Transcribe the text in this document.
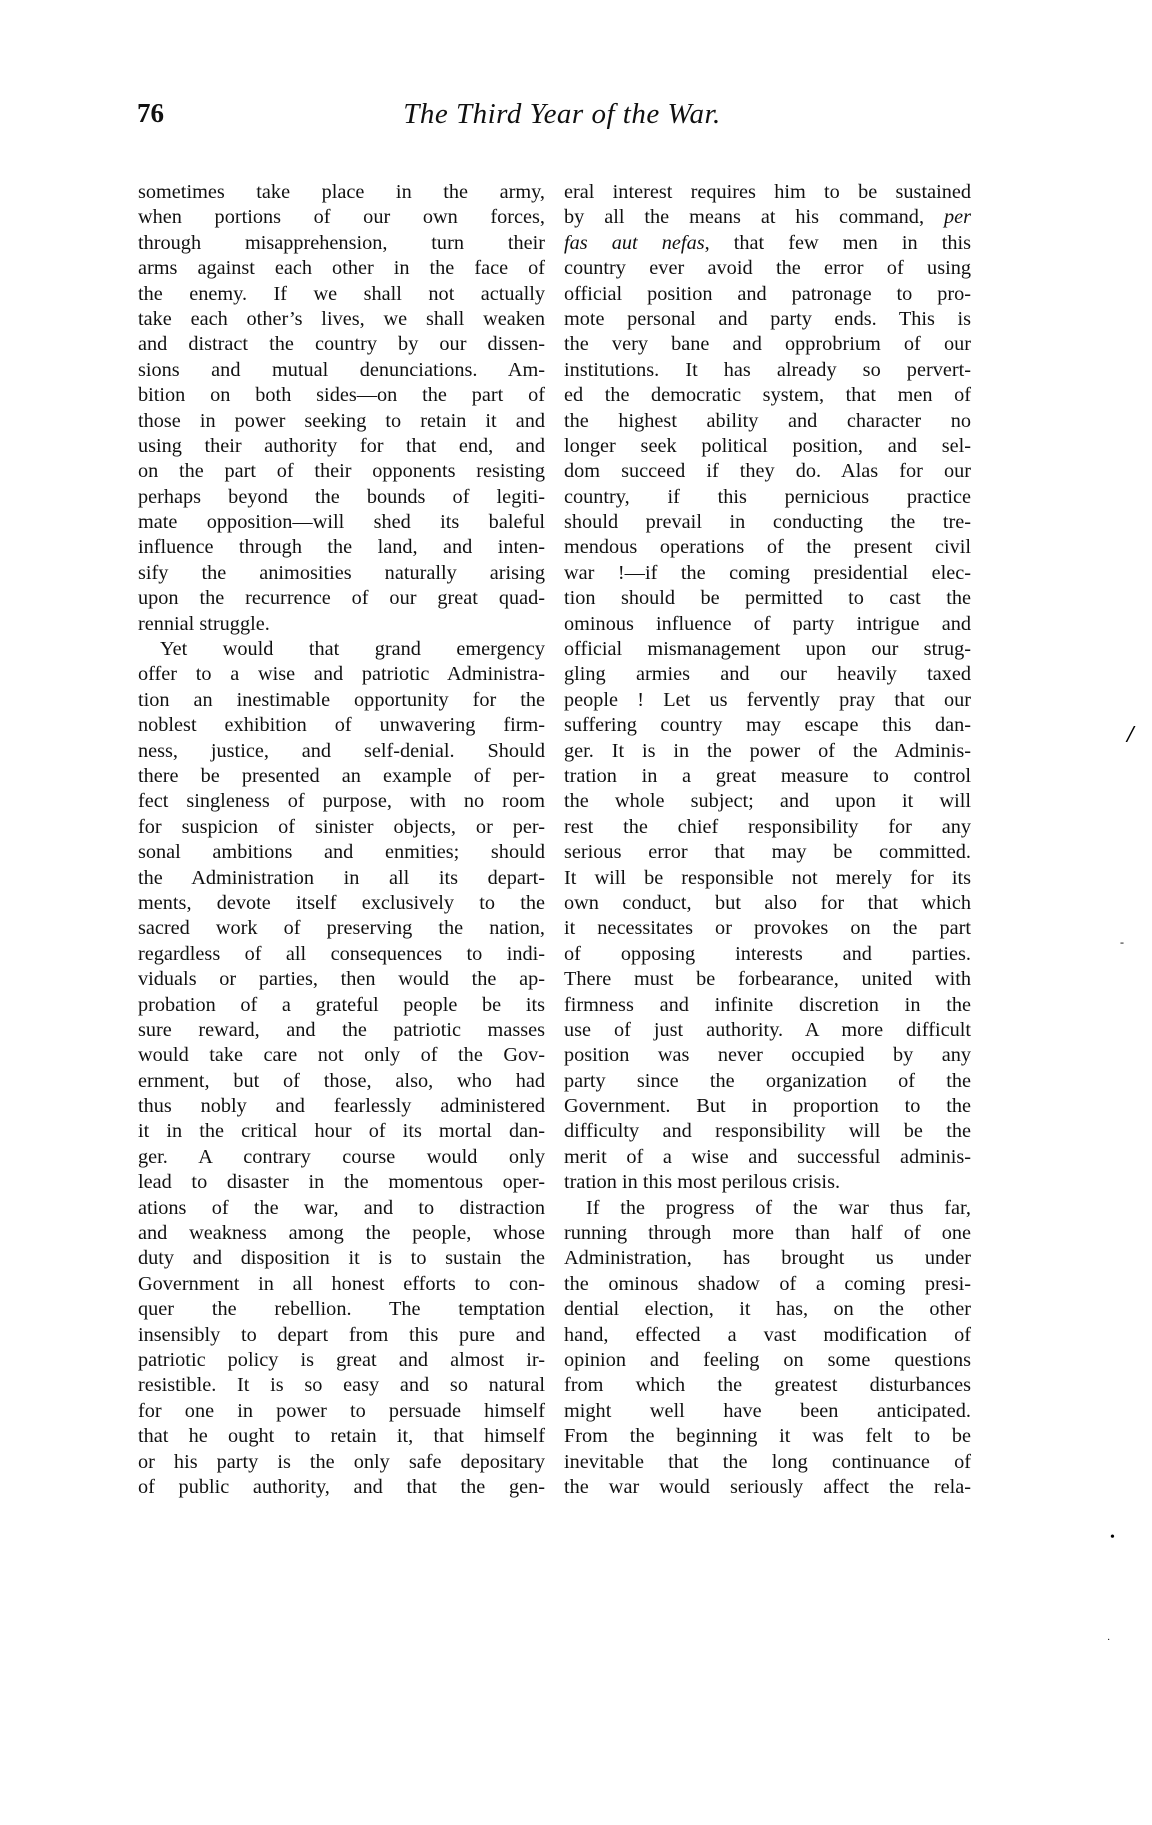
76	The Third Year of the War.
sometimes take place in the army,
when portions of our own forces,
through misapprehension, turn their
arms against each other in the face of
the enemy. If we shall not actually
take each other’s lives, we shall weaken
and distract the country by our dissen-
sions and mutual denunciations. Am-
bition on both sides—on the part of
those in power seeking to retain it and
using their authority for that end, and
on the part of their opponents resisting
perhaps beyond the bounds of legiti-
mate opposition—will shed its baleful
influence through the land, and inten-
sify the animosities naturally arising
upon the recurrence of our great quad-
rennial struggle.
Yet would that grand emergency
offer to a wise and patriotic Administra-
tion an inestimable opportunity for the
noblest exhibition of unwavering firm-
ness, justice, and self-denial. Should
there be presented an example of per-
fect singleness of purpose, with no room
for suspicion of sinister objects, or per-
sonal ambitions and enmities; should
the Administration in all its depart-
ments, devote itself exclusively to the
sacred work of preserving the nation,
regardless of all consequences to indi-
viduals or parties, then would the ap-
probation of a grateful people be its
sure reward, and the patriotic masses
would take care not only of the Gov-
ernment, but of those, also, who had
thus nobly and fearlessly administered
it in the critical hour of its mortal dan-
ger. A contrary course would only
lead to disaster in the momentous oper-
ations of the war, and to distraction
and weakness among the people, whose
duty and disposition it is to sustain the
Government in all honest efforts to con-
quer the rebellion. The temptation
insensibly to depart from this pure and
patriotic policy is great and almost ir-
resistible. It is so easy and so natural
for one in power to persuade himself
that he ought to retain it, that himself
or his party is the only safe depositary
of public authority, and that the gen-
eral interest requires him to be sustained
by all the means at his command, per
fas aut nefas, that few men in this
country ever avoid the error of using
official position and patronage to pro-
mote personal and party ends. This is
the very bane and opprobrium of our
institutions. It has already so pervert-
ed the democratic system, that men of
the highest ability and character no
longer seek political position, and sel-
dom succeed if they do. Alas for our
country, if this pernicious practice
should prevail in conducting the tre-
mendous operations of the present civil
war !—if the coming presidential elec-
tion should be permitted to cast the
ominous influence of party intrigue and
official mismanagement upon our strug-
gling armies and our heavily taxed
people ! Let us fervently pray that our
suffering country may escape this dan-
ger. It is in the power of the Adminis-
tration in a great measure to control
the whole subject; and upon it will
rest the chief responsibility for any
serious error that may be committed.
It will be responsible not merely for its
own conduct, but also for that which
it necessitates or provokes on the part
of opposing interests and parties.
There must be forbearance, united with
firmness and infinite discretion in the
use of just authority. A more difficult
position was never occupied by any
party since the organization of the
Government. But in proportion to the
difficulty and responsibility will be the
merit of a wise and successful adminis-
tration in this most perilous crisis.
If the progress of the war thus far,
running through more than half of one
Administration, has brought us under
the ominous shadow of a coming presi-
dential election, it has, on the other
hand, effected a vast modification of
opinion and feeling on some questions
from which the greatest disturbances
might well have been anticipated.
From the beginning it was felt to be
inevitable that the long continuance of
the war would seriously affect the rela-
/
-
•
·
